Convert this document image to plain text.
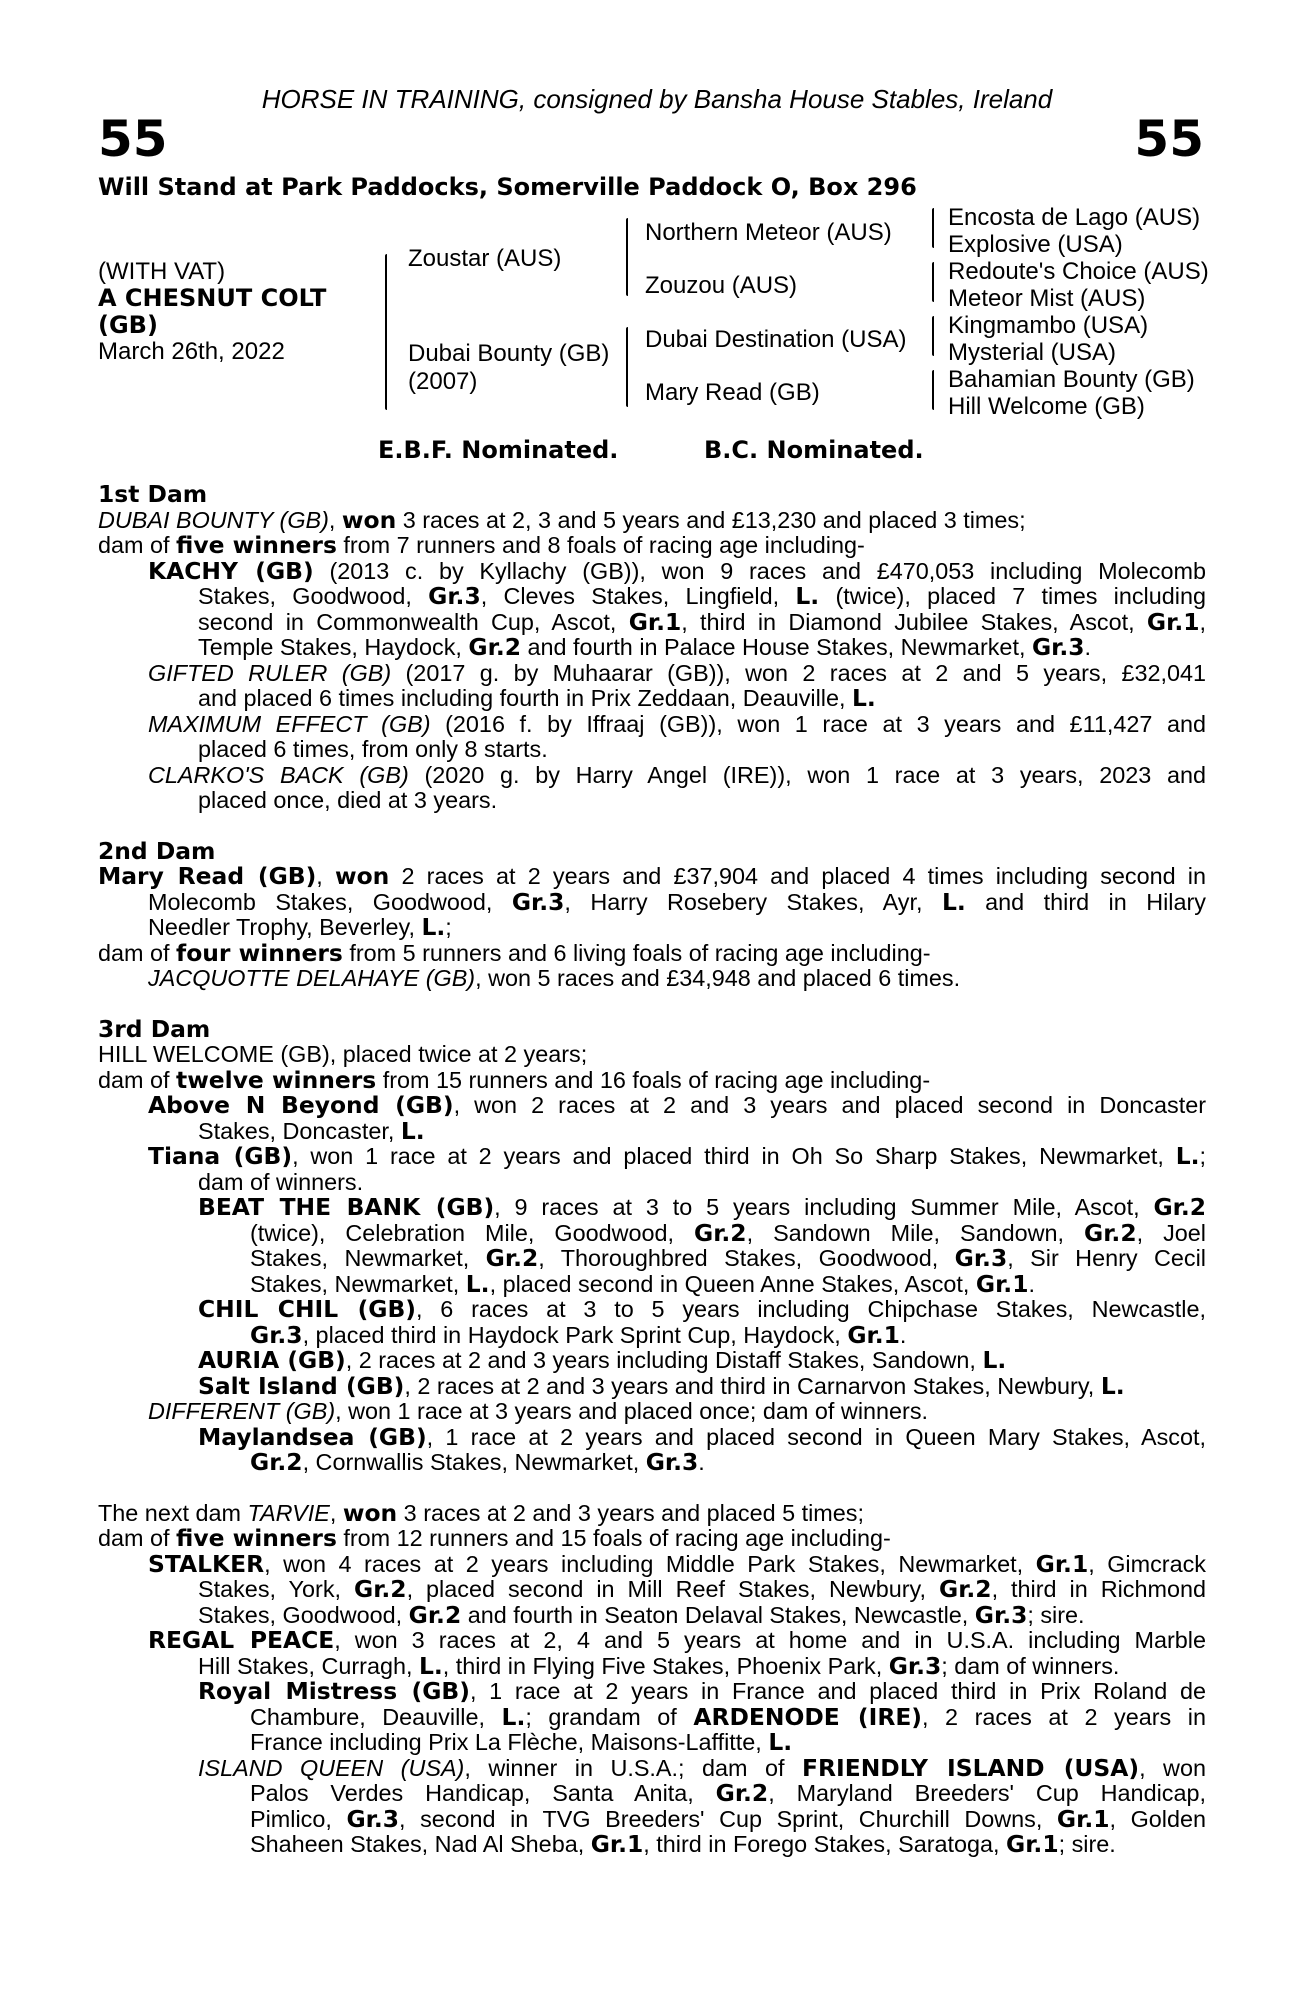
HORSE IN TRAINING, consigned by Bansha House Stables, Ireland
55	55
Will Stand at Park Paddocks, Somerville Paddock O, Box 296
(WITH VAT)
A CHESNUT COLT
(GB)
March 26th, 2022
Zoustar (AUS)
Dubai Bounty (GB)
(2007)
Northern Meteor (AUS)
Zouzou (AUS)
Dubai Destination (USA)
Mary Read (GB)
Encosta de Lago (AUS)
Explosive (USA)
Redoute's Choice (AUS)
Meteor Mist (AUS)
Kingmambo (USA)
Mysterial (USA)
Bahamian Bounty (GB)
Hill Welcome (GB)
E.B.F. Nominated.	B.C. Nominated.
1st Dam
DUBAI BOUNTY (GB), won 3 races at 2, 3 and 5 years and £13,230 and placed 3 times;
dam of five winners from 7 runners and 8 foals of racing age including-
KACHY (GB) (2013 c. by Kyllachy (GB)), won 9 races and £470,053 including Molecomb
Stakes, Goodwood, Gr.3, Cleves Stakes, Lingfield, L. (twice), placed 7 times including
second in Commonwealth Cup, Ascot, Gr.1, third in Diamond Jubilee Stakes, Ascot, Gr.1,
Temple Stakes, Haydock, Gr.2 and fourth in Palace House Stakes, Newmarket, Gr.3.
GIFTED RULER (GB) (2017 g. by Muhaarar (GB)), won 2 races at 2 and 5 years, £32,041
and placed 6 times including fourth in Prix Zeddaan, Deauville, L.
MAXIMUM EFFECT (GB) (2016 f. by Iffraaj (GB)), won 1 race at 3 years and £11,427 and
placed 6 times, from only 8 starts.
CLARKO'S BACK (GB) (2020 g. by Harry Angel (IRE)), won 1 race at 3 years, 2023 and
placed once, died at 3 years.
2nd Dam
Mary Read (GB), won 2 races at 2 years and £37,904 and placed 4 times including second in
Molecomb Stakes, Goodwood, Gr.3, Harry Rosebery Stakes, Ayr, L. and third in Hilary
Needler Trophy, Beverley, L.;
dam of four winners from 5 runners and 6 living foals of racing age including-
JACQUOTTE DELAHAYE (GB), won 5 races and £34,948 and placed 6 times.
3rd Dam
HILL WELCOME (GB), placed twice at 2 years;
dam of twelve winners from 15 runners and 16 foals of racing age including-
Above N Beyond (GB), won 2 races at 2 and 3 years and placed second in Doncaster
Stakes, Doncaster, L.
Tiana (GB), won 1 race at 2 years and placed third in Oh So Sharp Stakes, Newmarket, L.;
dam of winners.
BEAT THE BANK (GB), 9 races at 3 to 5 years including Summer Mile, Ascot, Gr.2
(twice), Celebration Mile, Goodwood, Gr.2, Sandown Mile, Sandown, Gr.2, Joel
Stakes, Newmarket, Gr.2, Thoroughbred Stakes, Goodwood, Gr.3, Sir Henry Cecil
Stakes, Newmarket, L., placed second in Queen Anne Stakes, Ascot, Gr.1.
CHIL CHIL (GB), 6 races at 3 to 5 years including Chipchase Stakes, Newcastle,
Gr.3, placed third in Haydock Park Sprint Cup, Haydock, Gr.1.
AURIA (GB), 2 races at 2 and 3 years including Distaff Stakes, Sandown, L.
Salt Island (GB), 2 races at 2 and 3 years and third in Carnarvon Stakes, Newbury, L.
DIFFERENT (GB), won 1 race at 3 years and placed once; dam of winners.
Maylandsea (GB), 1 race at 2 years and placed second in Queen Mary Stakes, Ascot,
Gr.2, Cornwallis Stakes, Newmarket, Gr.3.
The next dam TARVIE, won 3 races at 2 and 3 years and placed 5 times;
dam of five winners from 12 runners and 15 foals of racing age including-
STALKER, won 4 races at 2 years including Middle Park Stakes, Newmarket, Gr.1, Gimcrack
Stakes, York, Gr.2, placed second in Mill Reef Stakes, Newbury, Gr.2, third in Richmond
Stakes, Goodwood, Gr.2 and fourth in Seaton Delaval Stakes, Newcastle, Gr.3; sire.
REGAL PEACE, won 3 races at 2, 4 and 5 years at home and in U.S.A. including Marble
Hill Stakes, Curragh, L., third in Flying Five Stakes, Phoenix Park, Gr.3; dam of winners.
Royal Mistress (GB), 1 race at 2 years in France and placed third in Prix Roland de
Chambure, Deauville, L.; grandam of ARDENODE (IRE), 2 races at 2 years in
France including Prix La Flèche, Maisons-Laffitte, L.
ISLAND QUEEN (USA), winner in U.S.A.; dam of FRIENDLY ISLAND (USA), won
Palos Verdes Handicap, Santa Anita, Gr.2, Maryland Breeders' Cup Handicap,
Pimlico, Gr.3, second in TVG Breeders' Cup Sprint, Churchill Downs, Gr.1, Golden
Shaheen Stakes, Nad Al Sheba, Gr.1, third in Forego Stakes, Saratoga, Gr.1; sire.
